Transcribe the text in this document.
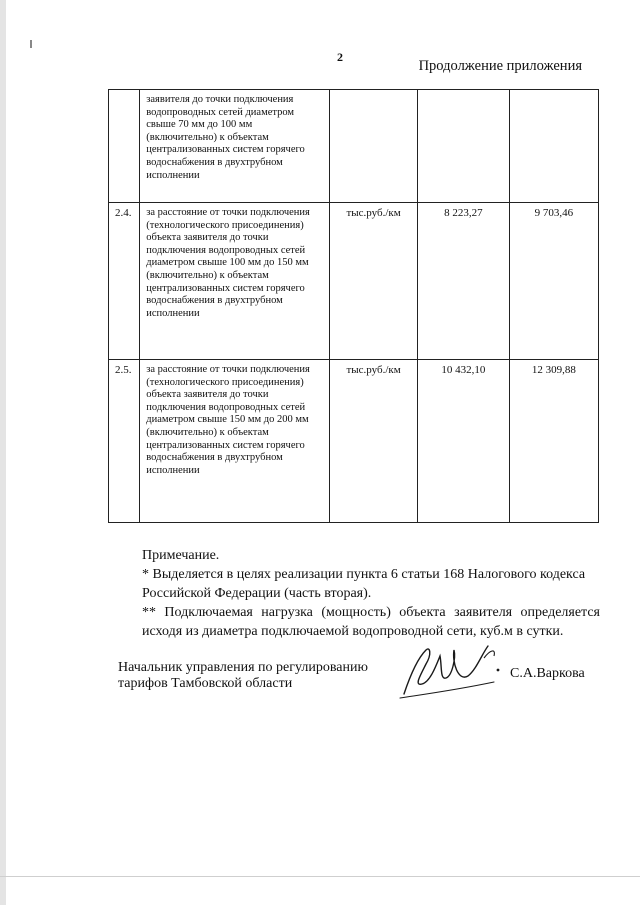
2
Продолжение приложения
	заявителя до точки подключения водопроводных сетей диаметром свыше 70 мм до 100 мм (включительно) к объектам централизованных систем горячего водоснабжения в двухтрубном исполнении			
2.4.	за расстояние от точки подключения (технологического присоединения) объекта заявителя до точки подключения водопроводных сетей диаметром свыше 100 мм до 150 мм (включительно) к объектам централизованных систем горячего водоснабжения в двухтрубном исполнении	тыс.руб./км	8 223,27	9 703,46
2.5.	за расстояние от точки подключения (технологического присоединения) объекта заявителя до точки подключения водопроводных сетей диаметром свыше 150 мм до 200 мм (включительно) к объектам централизованных систем горячего водоснабжения в двухтрубном исполнении	тыс.руб./км	10 432,10	12 309,88

Примечание.

* Выделяется в целях реализации пункта 6 статьи 168 Налогового кодекса Российской Федерации (часть вторая).

** Подключаемая нагрузка (мощность) объекта заявителя определяется исходя из диаметра подключаемой водопроводной сети, куб.м в сутки.

Начальник управления по регулированию
тарифов Тамбовской области
С.А.Варкова
